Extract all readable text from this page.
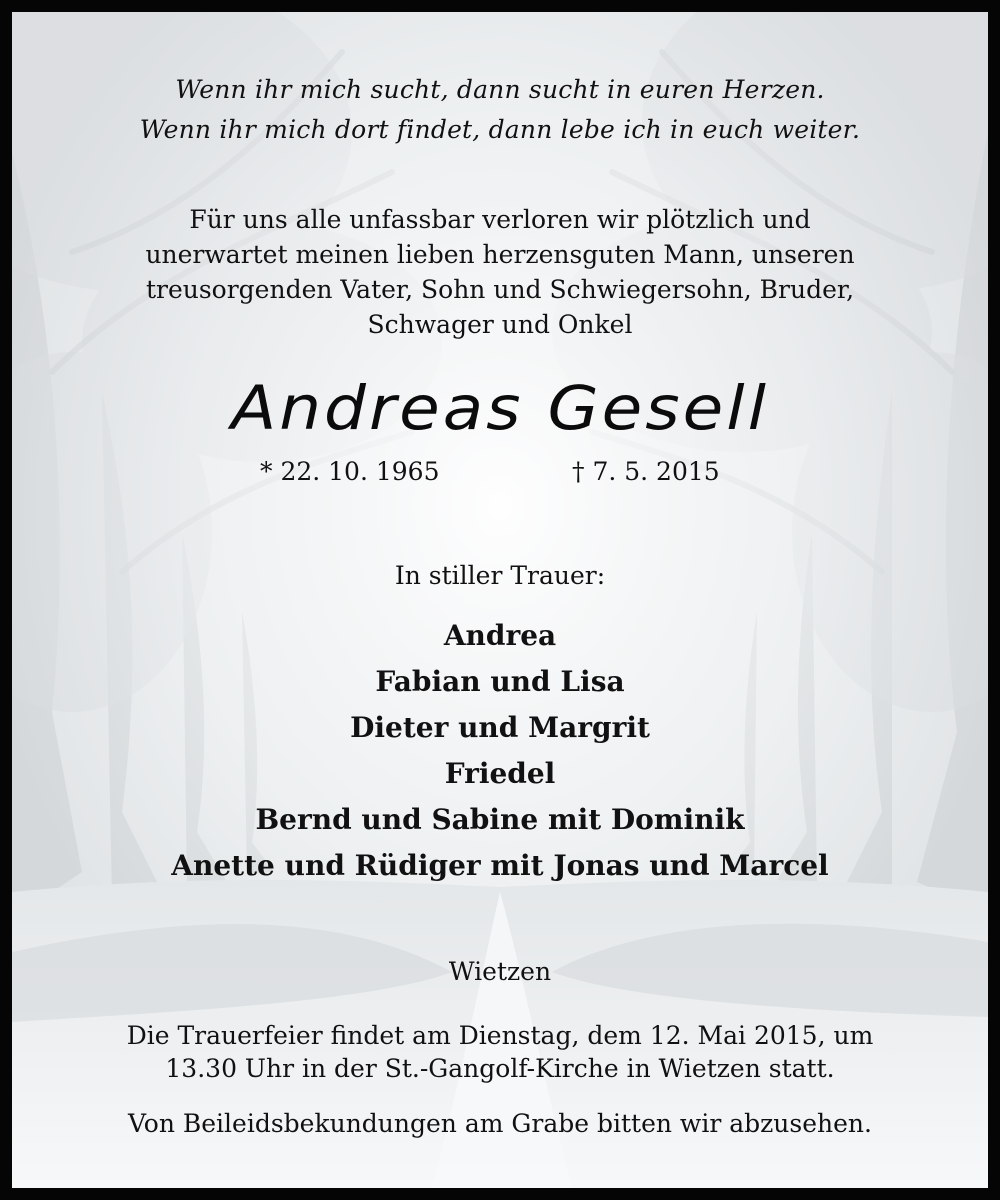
Wenn ihr mich sucht, dann sucht in euren Herzen.
Wenn ihr mich dort findet, dann lebe ich in euch weiter.
Für uns alle unfassbar verloren wir plötzlich und
unerwartet meinen lieben herzensguten Mann, unseren
treusorgenden Vater, Sohn und Schwiegersohn, Bruder,
Schwager und Onkel
Andreas Gesell
* 22. 10. 1965	† 7. 5. 2015
In stiller Trauer:
Andrea
Fabian und Lisa
Dieter und Margrit
Friedel
Bernd und Sabine mit Dominik
Anette und Rüdiger mit Jonas und Marcel
Wietzen
Die Trauerfeier findet am Dienstag, dem 12. Mai 2015, um
13.30 Uhr in der St.-Gangolf-Kirche in Wietzen statt.
Von Beileidsbekundungen am Grabe bitten wir abzusehen.
